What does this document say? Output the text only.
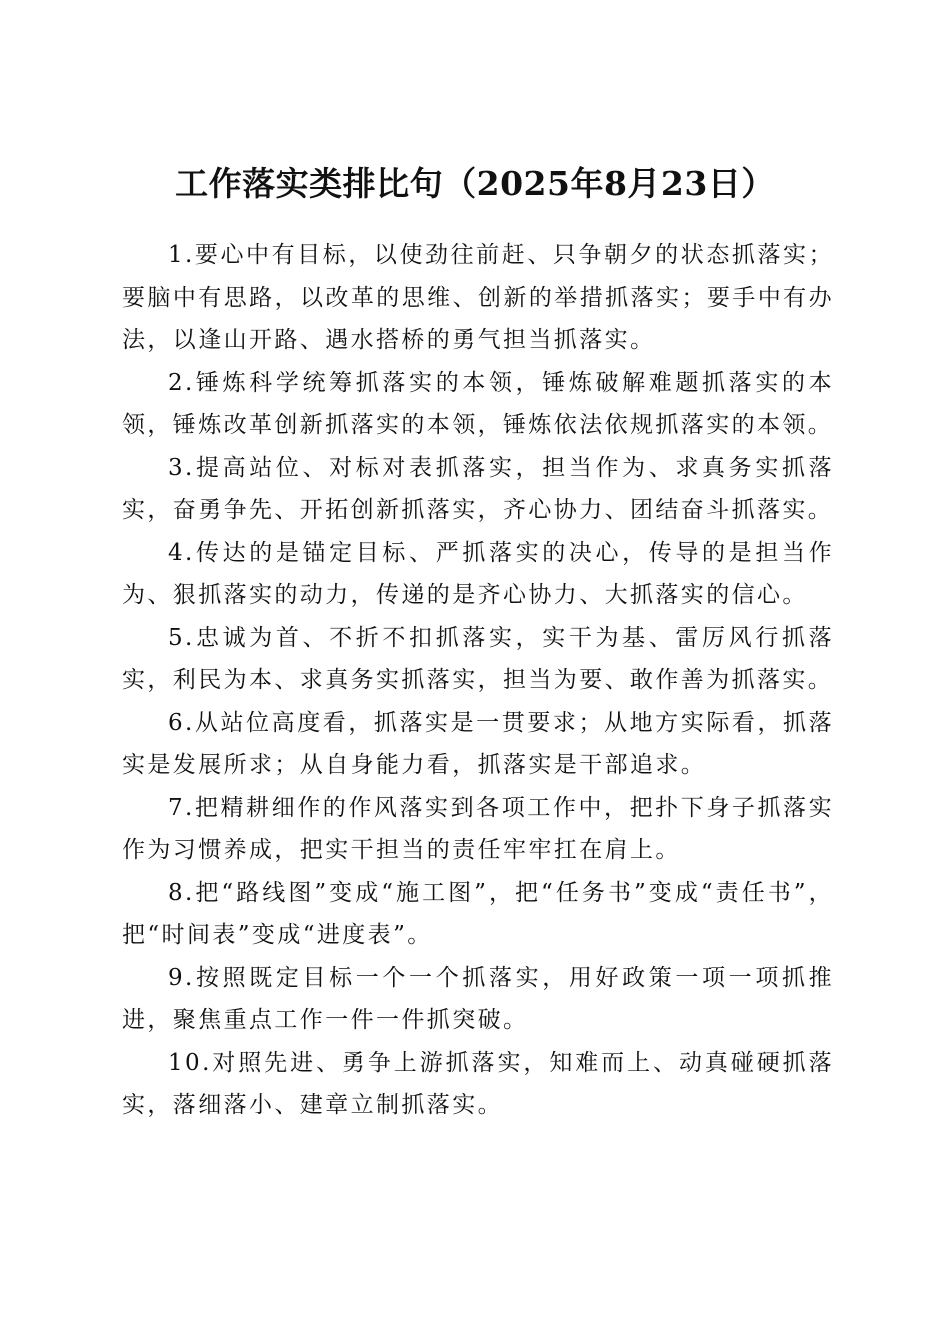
工作落实类排比句（2025年8月23日）

1.要心中有目标，以使劲往前赶、只争朝夕的状态抓落实；要脑中有思路，以改革的思维、创新的举措抓落实；要手中有办法，以逢山开路、遇水搭桥的勇气担当抓落实。

2.锤炼科学统筹抓落实的本领，锤炼破解难题抓落实的本领，锤炼改革创新抓落实的本领，锤炼依法依规抓落实的本领。

3.提高站位、对标对表抓落实，担当作为、求真务实抓落实，奋勇争先、开拓创新抓落实，齐心协力、团结奋斗抓落实。

4.传达的是锚定目标、严抓落实的决心，传导的是担当作为、狠抓落实的动力，传递的是齐心协力、大抓落实的信心。

5.忠诚为首、不折不扣抓落实，实干为基、雷厉风行抓落实，利民为本、求真务实抓落实，担当为要、敢作善为抓落实。

6.从站位高度看，抓落实是一贯要求；从地方实际看，抓落实是发展所求；从自身能力看，抓落实是干部追求。

7.把精耕细作的作风落实到各项工作中，把扑下身子抓落实作为习惯养成，把实干担当的责任牢牢扛在肩上。

8.把“路线图”变成“施工图”，把“任务书”变成“责任书”，把“时间表”变成“进度表”。

9.按照既定目标一个一个抓落实，用好政策一项一项抓推进，聚焦重点工作一件一件抓突破。

10.对照先进、勇争上游抓落实，知难而上、动真碰硬抓落实，落细落小、建章立制抓落实。
